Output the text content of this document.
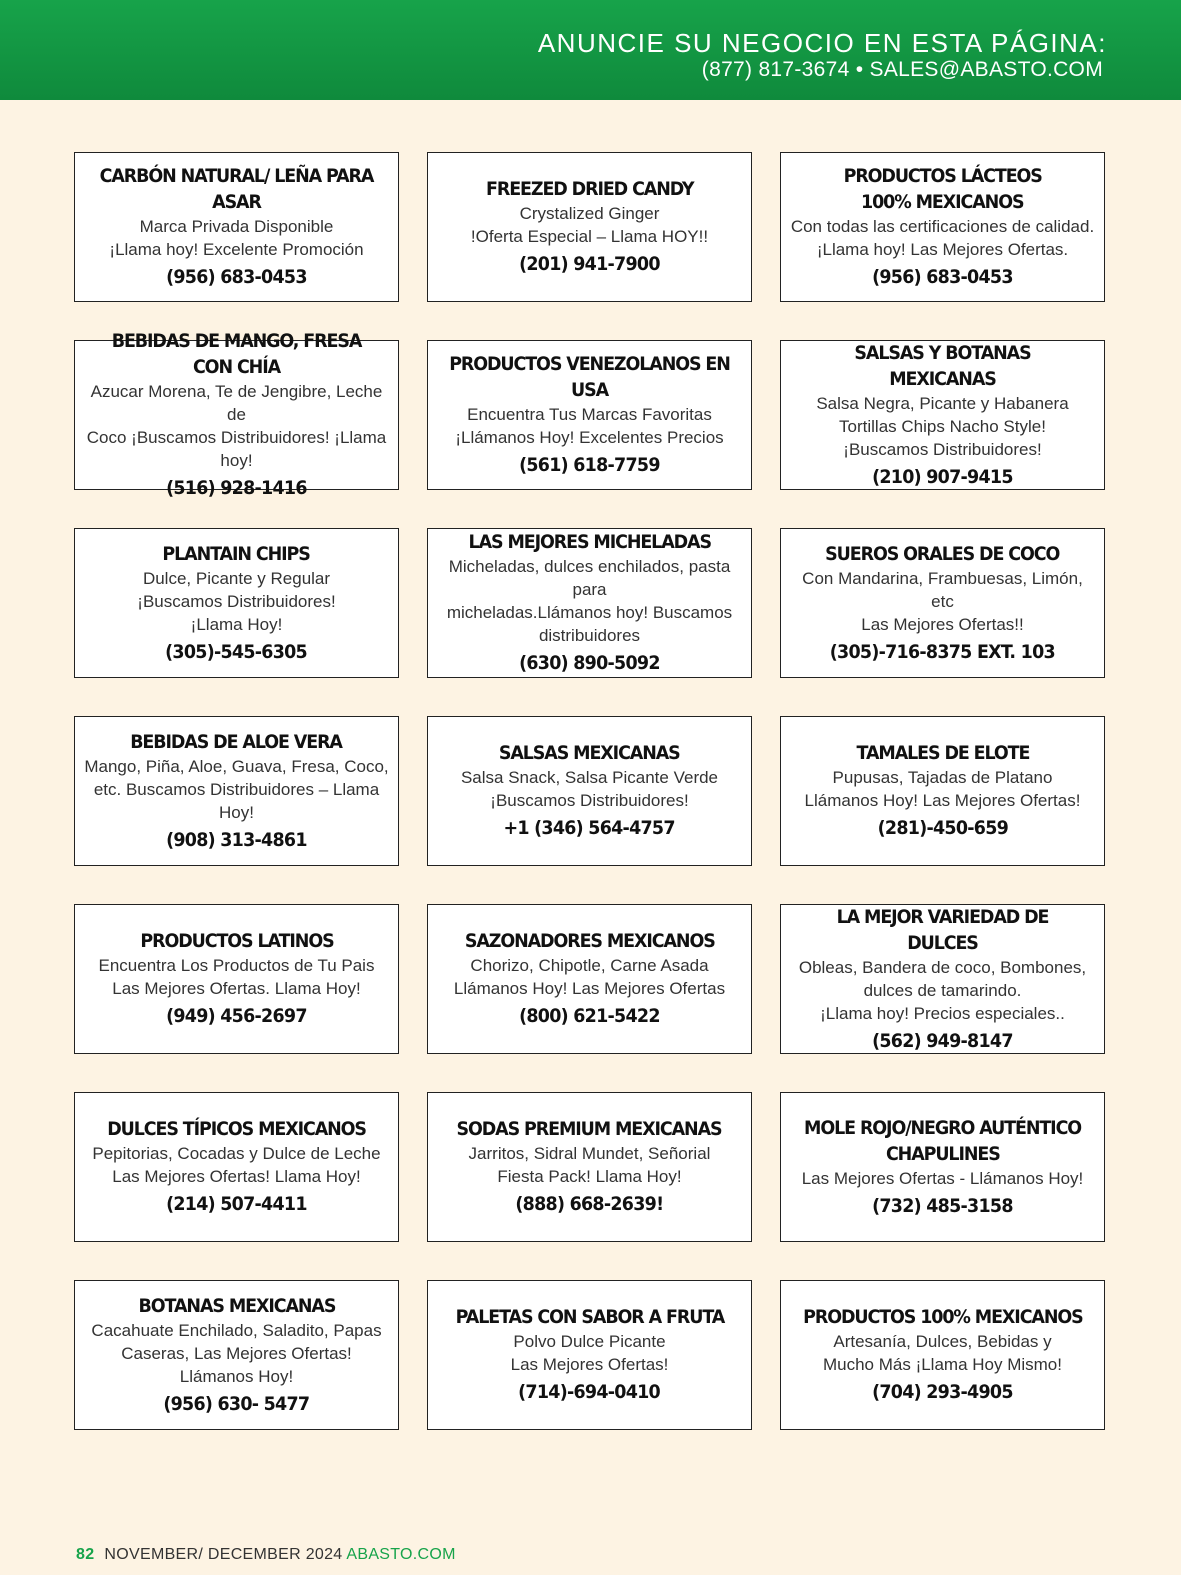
ANUNCIE SU NEGOCIO EN ESTA PÁGINA:
(877) 817-3674 • SALES@ABASTO.COM
CARBÓN NATURAL/ LEÑA PARA ASAR
Marca Privada Disponible
¡Llama hoy! Excelente Promoción
(956) 683-0453
FREEZED DRIED CANDY
Crystalized Ginger
!Oferta Especial – Llama HOY!!
(201) 941-7900
PRODUCTOS LÁCTEOS
100% MEXICANOS
Con todas las certificaciones de calidad.
¡Llama hoy! Las Mejores Ofertas.
(956) 683-0453
BEBIDAS DE MANGO, FRESA CON CHÍA
Azucar Morena, Te de Jengibre, Leche de
Coco ¡Buscamos Distribuidores! ¡Llama
hoy!
(516) 928-1416
PRODUCTOS VENEZOLANOS EN USA
Encuentra Tus Marcas Favoritas
¡Llámanos Hoy! Excelentes Precios
(561) 618-7759
SALSAS Y BOTANAS MEXICANAS
Salsa Negra, Picante y Habanera
Tortillas Chips Nacho Style!
¡Buscamos Distribuidores!
(210) 907-9415
PLANTAIN CHIPS
Dulce, Picante y Regular
¡Buscamos Distribuidores!
¡Llama Hoy!
(305)-545-6305
LAS MEJORES MICHELADAS
Micheladas, dulces enchilados, pasta para
micheladas.Llámanos hoy! Buscamos
distribuidores
(630) 890-5092
SUEROS ORALES DE COCO
Con Mandarina, Frambuesas, Limón, etc
Las Mejores Ofertas!!
(305)-716-8375 EXT. 103
BEBIDAS DE ALOE VERA
Mango, Piña, Aloe, Guava, Fresa, Coco,
etc. Buscamos Distribuidores – Llama
Hoy!
(908) 313-4861
SALSAS MEXICANAS
Salsa Snack, Salsa Picante Verde
¡Buscamos Distribuidores!
+1 (346) 564-4757
TAMALES DE ELOTE
Pupusas, Tajadas de Platano
Llámanos Hoy! Las Mejores Ofertas!
(281)-450-659
PRODUCTOS LATINOS
Encuentra Los Productos de Tu Pais
Las Mejores Ofertas. Llama Hoy!
(949) 456-2697
SAZONADORES MEXICANOS
Chorizo, Chipotle, Carne Asada
Llámanos Hoy! Las Mejores Ofertas
(800) 621-5422
LA MEJOR VARIEDAD DE DULCES
Obleas, Bandera de coco, Bombones,
dulces de tamarindo.
¡Llama hoy! Precios especiales..
(562) 949-8147
DULCES TÍPICOS MEXICANOS
Pepitorias, Cocadas y Dulce de Leche
Las Mejores Ofertas! Llama Hoy!
(214) 507-4411
SODAS PREMIUM MEXICANAS
Jarritos, Sidral Mundet, Señorial
Fiesta Pack! Llama Hoy!
(888) 668-2639!
MOLE ROJO/NEGRO AUTÉNTICO
CHAPULINES
Las Mejores Ofertas - Llámanos Hoy!
(732) 485-3158
BOTANAS MEXICANAS
Cacahuate Enchilado, Saladito, Papas
Caseras, Las Mejores Ofertas!
Llámanos Hoy!
(956) 630- 5477
PALETAS CON SABOR A FRUTA
Polvo Dulce Picante
Las Mejores Ofertas!
(714)-694-0410
PRODUCTOS 100% MEXICANOS
Artesanía, Dulces, Bebidas y
Mucho Más ¡Llama Hoy Mismo!
(704) 293-4905
82 NOVEMBER/ DECEMBER 2024 ABASTO.COM
